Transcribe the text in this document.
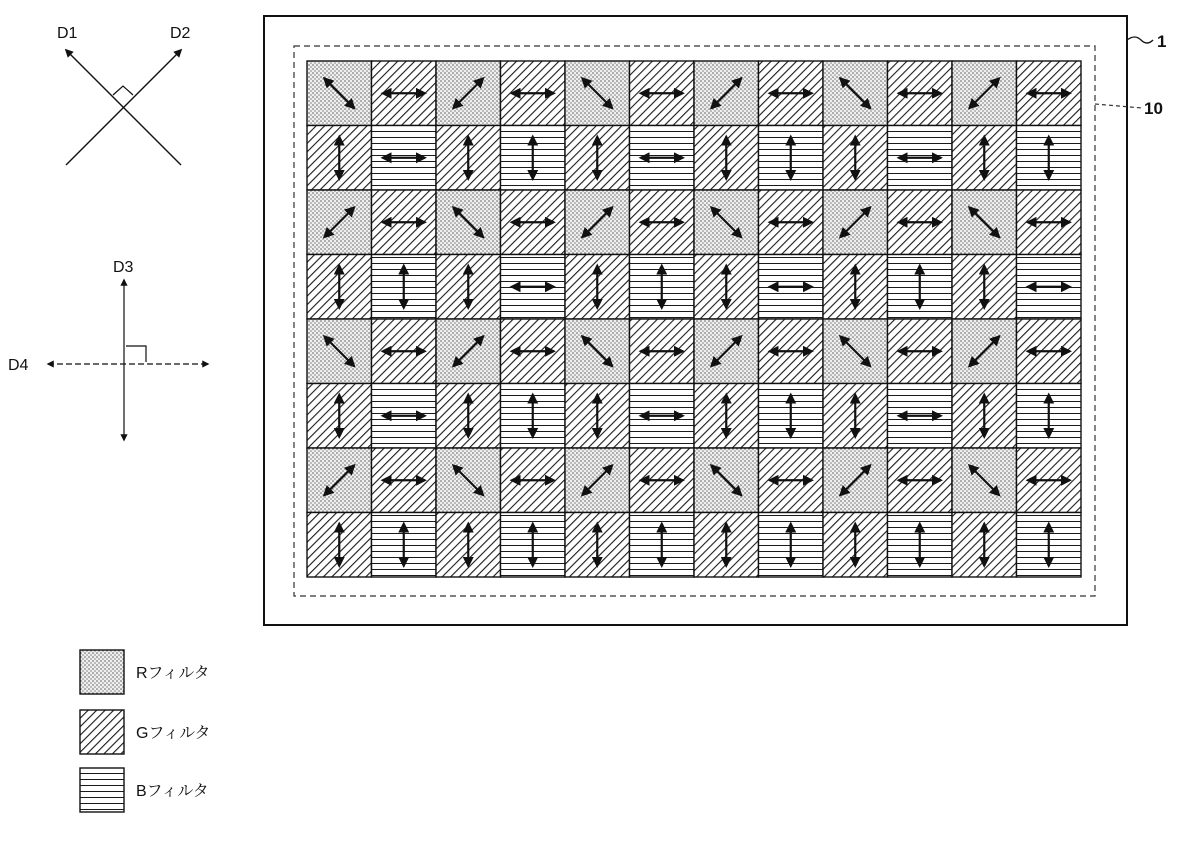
D1	D2
D3
D4
1
10
Rフィルタ
Gフィルタ
Bフィルタ
